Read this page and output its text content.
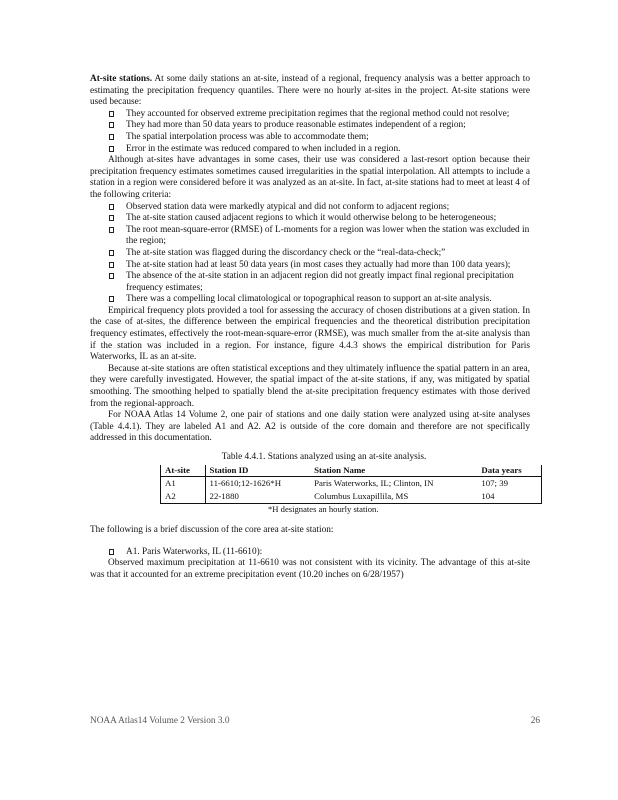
At-site stations. At some daily stations an at-site, instead of a regional, frequency analysis was a better approach to estimating the precipitation frequency quantiles. There were no hourly at-sites in the project. At-site stations were used because:

They accounted for observed extreme precipitation regimes that the regional method could not resolve;
They had more than 50 data years to produce reasonable estimates independent of a region;
The spatial interpolation process was able to accommodate them;
Error in the estimate was reduced compared to when included in a region.

Although at-sites have advantages in some cases, their use was considered a last-resort option because their precipitation frequency estimates sometimes caused irregularities in the spatial interpolation. All attempts to include a station in a region were considered before it was analyzed as an at-site. In fact, at-site stations had to meet at least 4 of the following criteria:

Observed station data were markedly atypical and did not conform to adjacent regions;
The at-site station caused adjacent regions to which it would otherwise belong to be heterogeneous;
The root mean-square-error (RMSE) of L-moments for a region was lower when the station was excluded in the region;
The at-site station was flagged during the discordancy check or the “real-data-check;”
The at-site station had at least 50 data years (in most cases they actually had more than 100 data years);
The absence of the at-site station in an adjacent region did not greatly impact final regional precipitation frequency estimates;
There was a compelling local climatological or topographical reason to support an at-site analysis.

Empirical frequency plots provided a tool for assessing the accuracy of chosen distributions at a given station. In the case of at-sites, the difference between the empirical frequencies and the theoretical distribution precipitation frequency estimates, effectively the root-mean-square-error (RMSE), was much smaller from the at-site analysis than if the station was included in a region. For instance, figure 4.4.3 shows the empirical distribution for Paris Waterworks, IL as an at-site.

Because at-site stations are often statistical exceptions and they ultimately influence the spatial pattern in an area, they were carefully investigated. However, the spatial impact of the at-site stations, if any, was mitigated by spatial smoothing. The smoothing helped to spatially blend the at-site precipitation frequency estimates with those derived from the regional-approach.

For NOAA Atlas 14 Volume 2, one pair of stations and one daily station were analyzed using at-site analyses (Table 4.4.1). They are labeled A1 and A2. A2 is outside of the core domain and therefore are not specifically addressed in this documentation.

Table 4.4.1. Stations analyzed using an at-site analysis.
At-site	Station ID	Station Name	Data years
A1	11-6610;12-1626*H	Paris Waterworks, IL; Clinton, IN	107; 39
A2	22-1880	Columbus Luxapillila, MS	104
*H designates an hourly station.

The following is a brief discussion of the core area at-site station:

A1. Paris Waterworks, IL (11-6610):

Observed maximum precipitation at 11-6610 was not consistent with its vicinity. The advantage of this at-site was that it accounted for an extreme precipitation event (10.20 inches on 6/28/1957)

NOAA Atlas14 Volume 2 Version 3.0	26
